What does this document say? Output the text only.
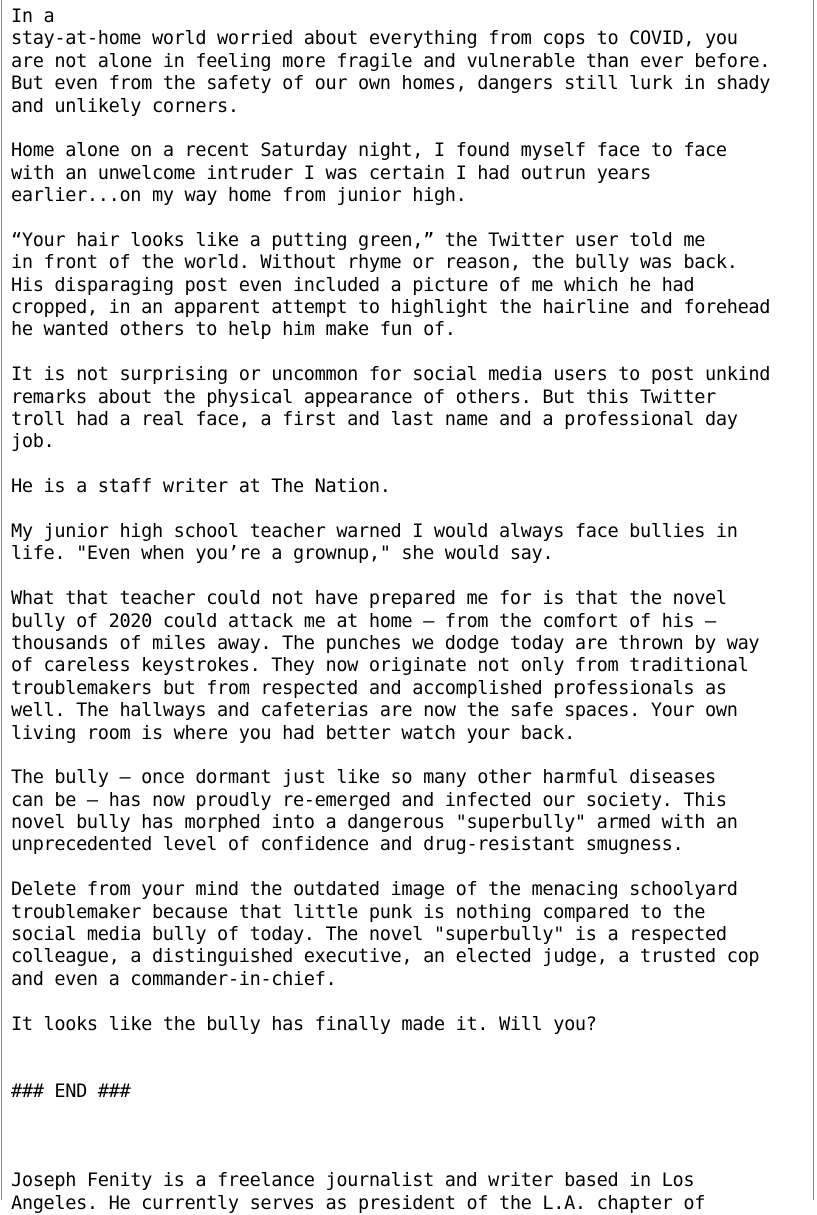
In a
stay-at-home world worried about everything from cops to COVID, you
are not alone in feeling more fragile and vulnerable than ever before.
But even from the safety of our own homes, dangers still lurk in shady
and unlikely corners.

Home alone on a recent Saturday night, I found myself face to face
with an unwelcome intruder I was certain I had outrun years
earlier...on my way home from junior high.

“Your hair looks like a putting green,” the Twitter user told me
in front of the world. Without rhyme or reason, the bully was back.
His disparaging post even included a picture of me which he had
cropped, in an apparent attempt to highlight the hairline and forehead
he wanted others to help him make fun of.

It is not surprising or uncommon for social media users to post unkind
remarks about the physical appearance of others. But this Twitter
troll had a real face, a first and last name and a professional day
job.

He is a staff writer at The Nation.

My junior high school teacher warned I would always face bullies in
life. "Even when you’re a grownup," she would say.

What that teacher could not have prepared me for is that the novel
bully of 2020 could attack me at home — from the comfort of his —
thousands of miles away. The punches we dodge today are thrown by way
of careless keystrokes. They now originate not only from traditional
troublemakers but from respected and accomplished professionals as
well. The hallways and cafeterias are now the safe spaces. Your own
living room is where you had better watch your back.

The bully — once dormant just like so many other harmful diseases
can be — has now proudly re-emerged and infected our society. This
novel bully has morphed into a dangerous "superbully" armed with an
unprecedented level of confidence and drug-resistant smugness.

Delete from your mind the outdated image of the menacing schoolyard
troublemaker because that little punk is nothing compared to the
social media bully of today. The novel "superbully" is a respected
colleague, a distinguished executive, an elected judge, a trusted cop
and even a commander-in-chief.

It looks like the bully has finally made it. Will you?

### END ###

Joseph Fenity is a freelance journalist and writer based in Los
Angeles. He currently serves as president of the L.A. chapter of
